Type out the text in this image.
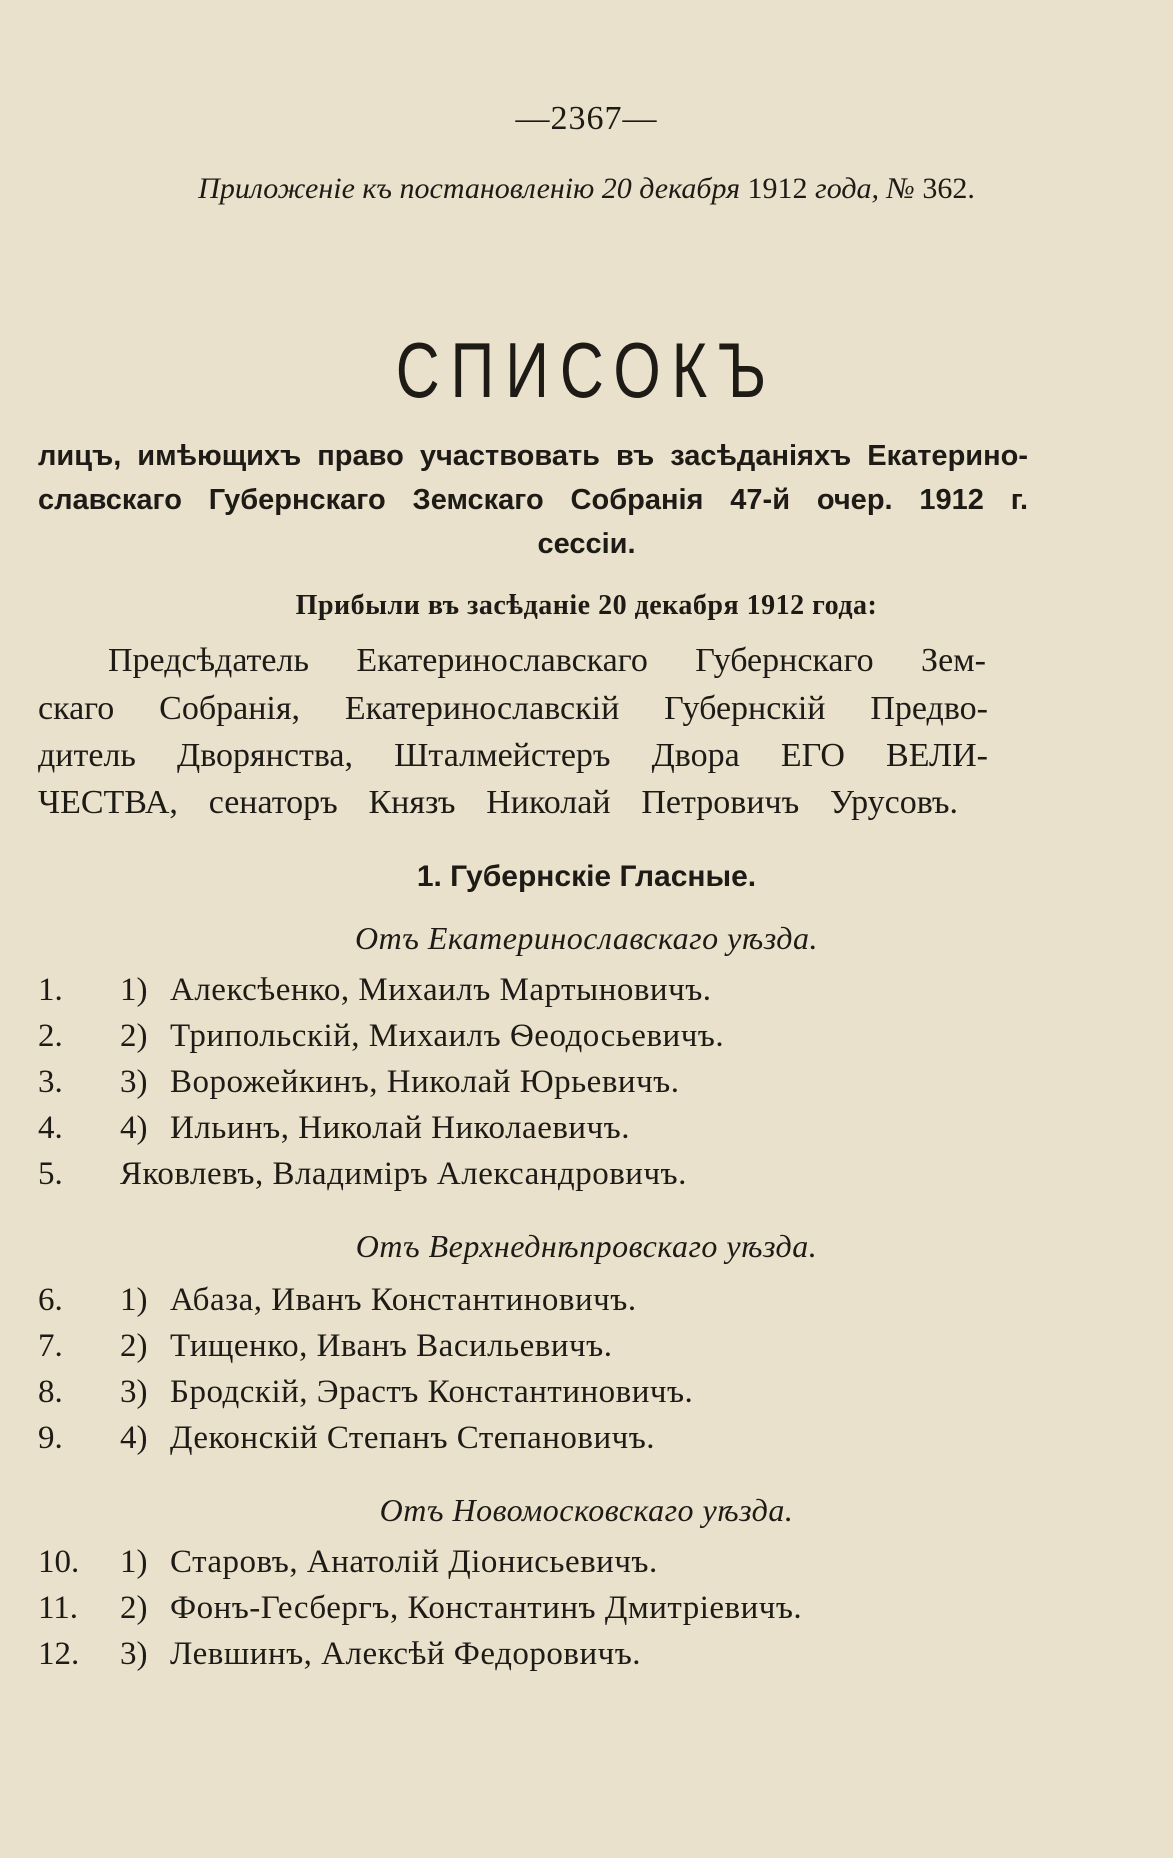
—2367—
Приложеніе къ постановленію 20 декабря 1912 года, № 362.
СПИСОКЪ
лицъ, имѣющихъ право участвовать въ засѣданіяхъ Екатерино-
славскаго Губернскаго Земскаго Собранія 47-й очер. 1912 г.
сессіи.
Прибыли въ засѣданіе 20 декабря 1912 года:
Предсѣдатель Екатеринославскаго Губернскаго Зем-
скаго Собранія, Екатеринославскій Губернскій Предво-
дитель Дворянства, Шталмейстеръ Двора ЕГО ВЕЛИ-
ЧЕСТВА, сенаторъ Князъ Николай Петровичъ Урусовъ.
1. Губернскіе Гласные.
Отъ Екатеринославскаго уѣзда.
1.	1) Алексѣенко, Михаилъ Мартыновичъ.
2.	2) Трипольскій, Михаилъ Ѳеодосьевичъ.
3.	3) Ворожейкинъ, Николай Юрьевичъ.
4.	4) Ильинъ, Николай Николаевичъ.
5.	Яковлевъ, Владиміръ Александровичъ.
Отъ Верхнеднѣпровскаго уѣзда.
6.	1) Абаза, Иванъ Константиновичъ.
7.	2) Тищенко, Иванъ Васильевичъ.
8.	3) Бродскій, Эрастъ Константиновичъ.
9.	4) Деконскій Степанъ Степановичъ.
Отъ Новомосковскаго уѣзда.
10. 1) Старовъ, Анатолій Діонисьевичъ.
11.	2) Фонъ-Гесбергъ, Константинъ Дмитріевичъ.
12. 3) Левшинъ, Алексѣй Федоровичъ.
